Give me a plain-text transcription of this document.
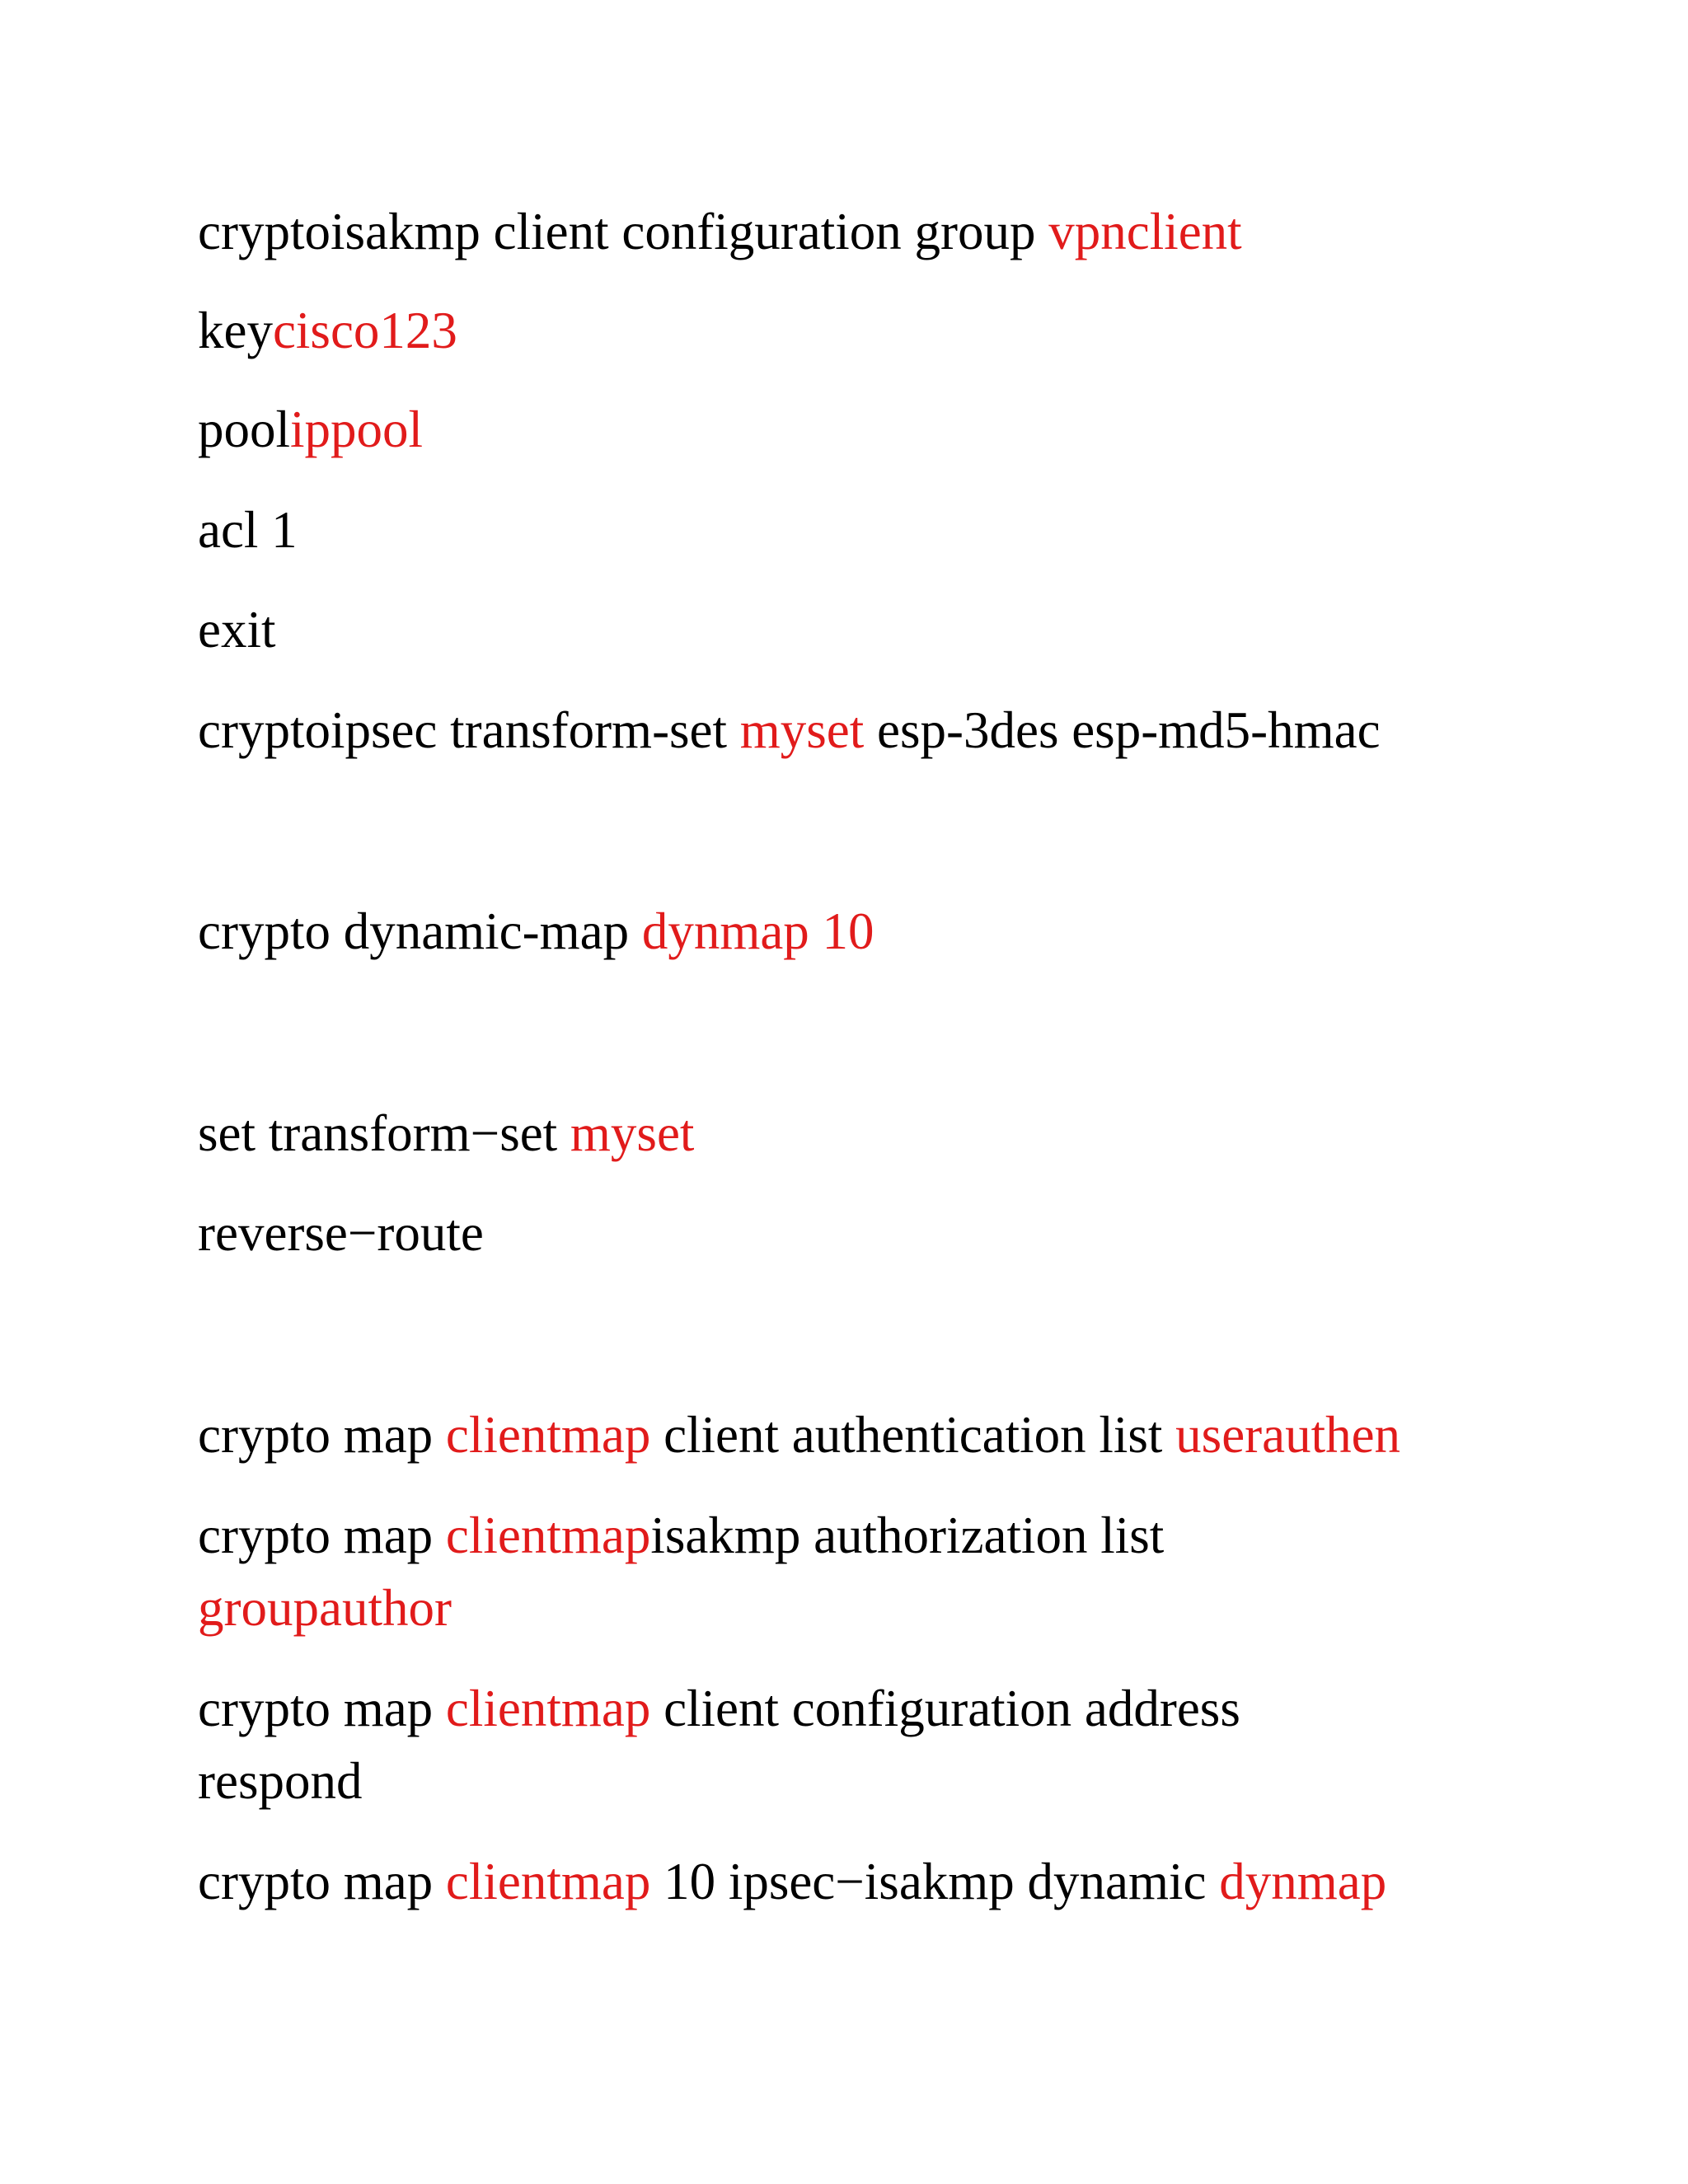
cryptoisakmp client configuration group vpnclient

keycisco123

poolippool

acl 1

exit

cryptoipsec transform-set myset esp-3des esp-md5-hmac

crypto dynamic-map dynmap 10

set transform−set myset

reverse−route

crypto map clientmap client authentication list userauthen

crypto map clientmapisakmp authorization list

groupauthor

crypto map clientmap client configuration address

respond

crypto map clientmap 10 ipsec−isakmp dynamic dynmap
